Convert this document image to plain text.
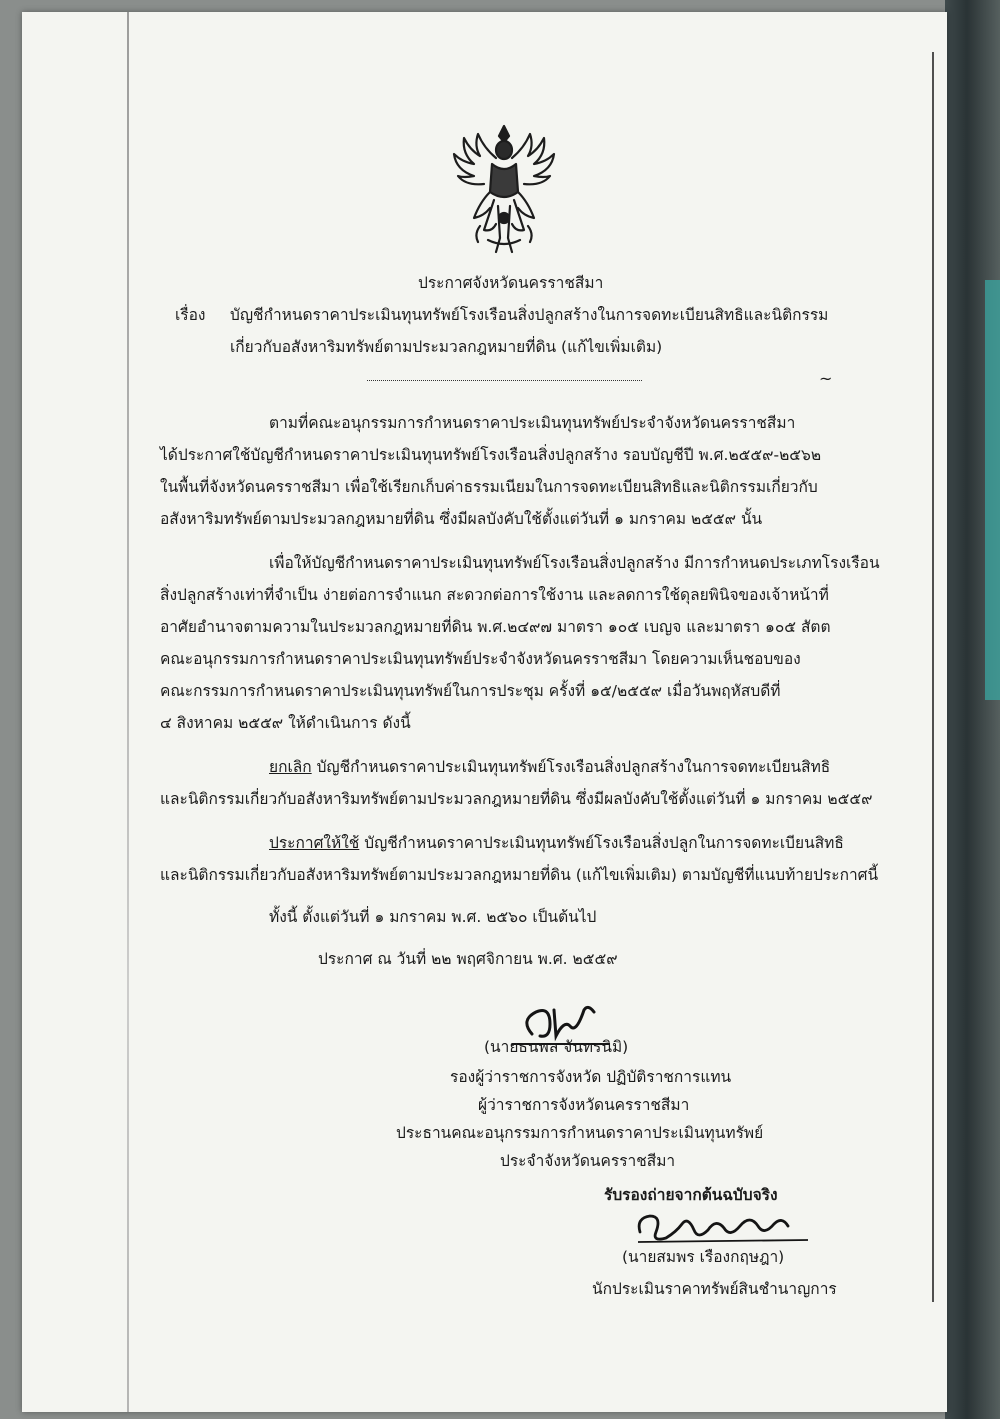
ประกาศจังหวัดนครราชสีมา
เรื่อง บัญชีกำหนดราคาประเมินทุนทรัพย์โรงเรือนสิ่งปลูกสร้างในการจดทะเบียนสิทธิและนิติกรรม
เกี่ยวกับอสังหาริมทรัพย์ตามประมวลกฎหมายที่ดิน (แก้ไขเพิ่มเติม)
~
ตามที่คณะอนุกรรมการกำหนดราคาประเมินทุนทรัพย์ประจำจังหวัดนครราชสีมา
ได้ประกาศใช้บัญชีกำหนดราคาประเมินทุนทรัพย์โรงเรือนสิ่งปลูกสร้าง รอบบัญชีปี พ.ศ.๒๕๕๙-๒๕๖๒
ในพื้นที่จังหวัดนครราชสีมา เพื่อใช้เรียกเก็บค่าธรรมเนียมในการจดทะเบียนสิทธิและนิติกรรมเกี่ยวกับ
อสังหาริมทรัพย์ตามประมวลกฎหมายที่ดิน ซึ่งมีผลบังคับใช้ตั้งแต่วันที่ ๑ มกราคม ๒๕๕๙ นั้น
เพื่อให้บัญชีกำหนดราคาประเมินทุนทรัพย์โรงเรือนสิ่งปลูกสร้าง มีการกำหนดประเภทโรงเรือน
สิ่งปลูกสร้างเท่าที่จำเป็น ง่ายต่อการจำแนก สะดวกต่อการใช้งาน และลดการใช้ดุลยพินิจของเจ้าหน้าที่
อาศัยอำนาจตามความในประมวลกฎหมายที่ดิน พ.ศ.๒๔๙๗ มาตรา ๑๐๕ เบญจ และมาตรา ๑๐๕ สัตต
คณะอนุกรรมการกำหนดราคาประเมินทุนทรัพย์ประจำจังหวัดนครราชสีมา โดยความเห็นชอบของ
คณะกรรมการกำหนดราคาประเมินทุนทรัพย์ในการประชุม ครั้งที่ ๑๕/๒๕๕๙ เมื่อวันพฤหัสบดีที่
๔ สิงหาคม ๒๕๕๙ ให้ดำเนินการ ดังนี้
ยกเลิก บัญชีกำหนดราคาประเมินทุนทรัพย์โรงเรือนสิ่งปลูกสร้างในการจดทะเบียนสิทธิ
และนิติกรรมเกี่ยวกับอสังหาริมทรัพย์ตามประมวลกฎหมายที่ดิน ซึ่งมีผลบังคับใช้ตั้งแต่วันที่ ๑ มกราคม ๒๕๕๙
ประกาศให้ใช้ บัญชีกำหนดราคาประเมินทุนทรัพย์โรงเรือนสิ่งปลูกในการจดทะเบียนสิทธิ
และนิติกรรมเกี่ยวกับอสังหาริมทรัพย์ตามประมวลกฎหมายที่ดิน (แก้ไขเพิ่มเติม) ตามบัญชีที่แนบท้ายประกาศนี้
ทั้งนี้ ตั้งแต่วันที่ ๑ มกราคม พ.ศ. ๒๕๖๐ เป็นต้นไป
ประกาศ ณ วันที่ ๒๒ พฤศจิกายน พ.ศ. ๒๕๕๙
(นายธนพล จันทรนิมิ)
รองผู้ว่าราชการจังหวัด ปฏิบัติราชการแทน
ผู้ว่าราชการจังหวัดนครราชสีมา
ประธานคณะอนุกรรมการกำหนดราคาประเมินทุนทรัพย์
ประจำจังหวัดนครราชสีมา
รับรองถ่ายจากต้นฉบับจริง
(นายสมพร เรืองกฤษฎา)
นักประเมินราคาทรัพย์สินชำนาญการ
